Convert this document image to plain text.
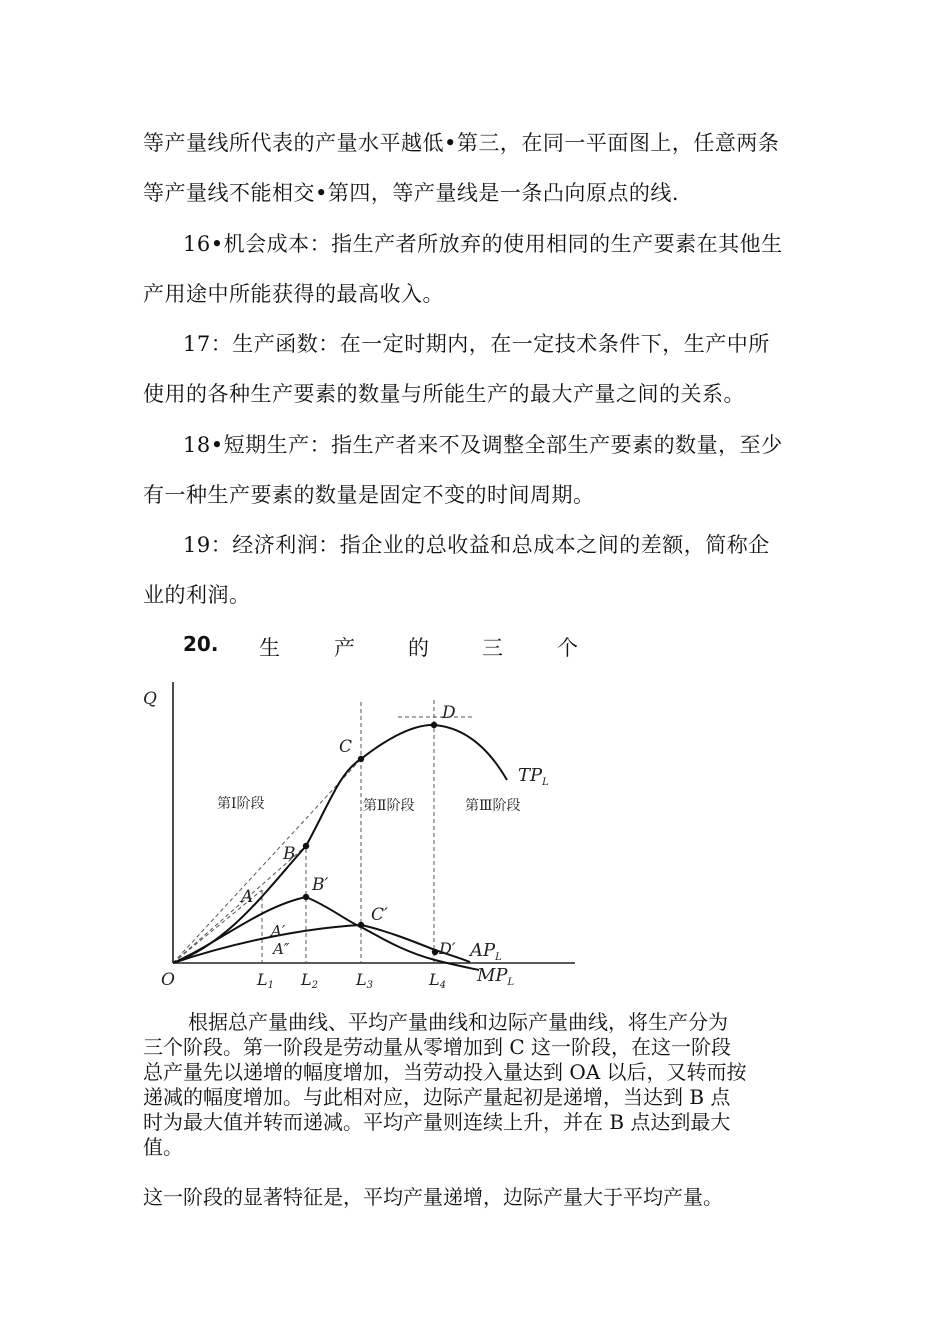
等产量线所代表的产量水平越低•第三，在同一平面图上，任意两条
等产量线不能相交•第四，等产量线是一条凸向原点的线.
16•机会成本：指生产者所放弃的使用相同的生产要素在其他生
产用途中所能获得的最高收入。
17：生产函数：在一定时期内，在一定技术条件下，生产中所
使用的各种生产要素的数量与所能生产的最大产量之间的关系。
18•短期生产：指生产者来不及调整全部生产要素的数量，至少
有一种生产要素的数量是固定不变的时间周期。
19：经济利润：指企业的总收益和总成本之间的差额，简称企
业的利润。
20. 生	产	的	三	个
Q
O
第Ⅰ阶段	第Ⅱ阶段	第Ⅲ阶段
A
B
C
D
B′
C′
A′
A″	D′
$TP_L$
$AP_L$
$MP_L$
L1 L2 L3	L4
根据总产量曲线、平均产量曲线和边际产量曲线，将生产分为
三个阶段。第一阶段是劳动量从零增加到 C 这一阶段，在这一阶段
总产量先以递增的幅度增加，当劳动投入量达到 OA 以后，又转而按
递减的幅度增加。与此相对应，边际产量起初是递增，当达到 B 点
时为最大值并转而递减。平均产量则连续上升，并在 B 点达到最大
值。
这一阶段的显著特征是，平均产量递增，边际产量大于平均产量。
